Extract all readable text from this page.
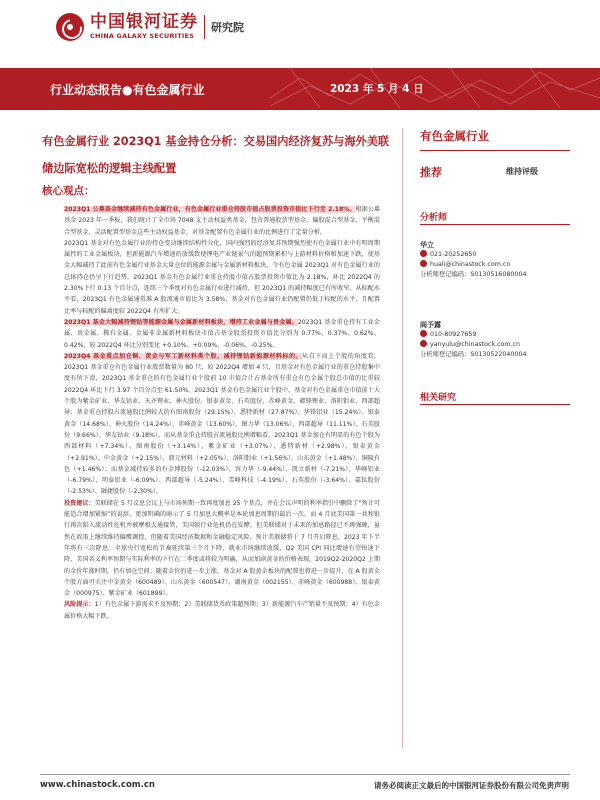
中国银河证券
CHINA GALAXY SECURITIES
研究院
行业动态报告●有色金属行业	2023 年 5 月 4 日
有色金属行业 2023Q1 基金持仓分析：交易国内经济复苏与海外美联储边际宽松的逻辑主线配置
核心观点：

2023Q1 公募基金继续减持有色金属行业，有色金属行业重仓持股市值占股票投资市值比下行至 2.18%。根据公募基金 2023 年一季报，我们统计了全市场 7048 支主动权益类基金，包含普通股票型基金、偏股混合型基金、平衡混合型基金、灵活配置型基金这些主动权益基金，对基金配置有色金属行业的比例进行了定量分析。

2023Q1 基金对有色金属行业的持仓变动继续结构性分化，国内强烈的经济复苏预期强烈使有色金属行业中有明周期属性的工业金属板块，但新能源汽车增速的放缓致使锂电产业链景气的超预期累积与上游材料价格和加速下跌，使基金大幅减持了此前有色金属行业基金大量仓位的能源金属与金属新材料板块，令有色金属 2023Q1 对有色金属行业的总体持仓仍呈下行趋势。2023Q1 基金有色金属行业重仓持股市值占股票投资市值比为 2.18%，环比 2022Q4 的 2.30%下行 0.13 个百分点，连续三个季度对有色金属行业进行减持，但 2023Q1 的减持幅度已有所收窄。从标配水平看，2023Q1 有色金属通常准 A 股流通市值比为 3.58%，基金对有色金属行业仍配置仍低于标配的水平，且配置比率与标配的偏离度较 2022Q4 有所扩大。

2023Q1 基金大幅减持锂钴等能源金属与金属新材料板块，增持工业金属与贵金属。2023Q1 基金重仓持有工业金属、贵金属、稀有金属、金属非金属新材料板块市值占基金股票投资市值比分别为 0.77%、0.37%、0.62%、0.42%，较 2022Q4 环比分别变化 +0.10%、+0.09%、-0.06%、-0.25%。

2023Q4 基金重点加仓铜、黄金与军工新材料类个股，减持锂钴新能源材料标的。从自下而上个股的角度看，2023Q1 基金重仓有色金属行业股票数量为 80 只，较 2022Q4 增加 4 只，且基金对有色金属行业的重仓持股集中度有所下滑，2023Q1 基金重仓的有色金属行业个股前 10 市值合计占基金所有重仓有色金属个股总市值的比重较 2022Q4 环比下行 3.97 个百分点至 61.50%。2023Q1 基金有色金属行业个股中，基金对有色金属重仓市值前十大个股为紫金矿业、华友钴业、天齐锂业、神火股份、银泰黄金、石英股份、赤峰黄金、赣锋锂业、洛阳钼业、西部超导；基金重仓持股占流通股比例较大的有图南股份（29.15%）、悉特新材（27.87%）、华锋铝业（15.24%）、银泰黄金（14.68%）、神火股份（14.24%）、赤峰黄金（13.60%）、图力华（13.06%）、西部超导（11.11%）、石英股份（9.66%）、华友钴业（9.18%）。而从基金重仓持股占流通股比例增幅看，2023Q1 基金加仓有明显的有色个股为西部材料（+7.34%）、图南股份（+3.14%）、紫金矿业（+3.07%）、悉特新材（+2.98%）、银泰黄金（+2.91%）、中金黄金（+2.15%）、鼎元材料（+2.05%）、洛阳钼业（+1.56%）、山东黄金（+1.48%）、铜陵有色（+1.46%）；而基金减持较多的有金博股份（-12.03%）、容力华（-9.44%）、凯立新材（-7.21%）、华峰铝业（-6.79%）、明泰铝业（-6.09%）、西部超导（-5.24%）、雪峰科技（-4.19%）、石英股份（-3.64%）、嘉钛股份（-2.53%）、融捷股份（-2.30%）。

投资建议：美联储在 5 月议息会议上与市场预期一致再度加息 25 个基点，并在会议声明的利率指引中删除了“预计可能适合增加紧缩”的说辞，更加明确的暗示了 5 月加息大概率是本轮加息周期的最后一次。而 4 月底美国第一共和银行再次陷入流动性危机并被摩根大通接管，美国银行业危机仍在发酵，但美联储对于未来的加息路径已不再强硬，虽然在政策上继续维持偏鹰调控，但随着美国经济数据和金融稳定风险，预计美联储将于 7 月开启降息，2023 年下半年将有三次降息。全球央行宽松的节奏延续第三个月下降，就业市场继续放缓，Q2 美国 CPI 同比增速有望快速下降，美国名义利率预期与实际利率的下行在二季度或将较为明确，从而加剧黄金的价格表现。2019Q2-2020Q2 上期的金价年涨时期，仍有加仓空间；随着金价的进一步上涨，基金对 A 股黄金板块的配置也将进一步提升，在 A 股黄金个股方面可关注中金黄金（600489）、山东黄金（600547）、湖南黄金（002155）、赤峰黄金（600988）、银泰黄金（000975）、紫金矿业（601899）。

风险提示：1）有色金属下游需求不及预期；2）美联储货币政策超预期；3）新能源汽车产销量不及预期；4）有色金属价格大幅下跌。

有色金属行业
推荐	维持评级
分析师
华立
021-20252650
huali@chinastock.com.cn
分析师登记编码：S0130516080004
阎予露
010-80927659
yanyulu@chinastock.com.cn
分析师登记编码：S0130522040004
相关研究
www.chinastock.com.cn	请务必阅读正文最后的中国银河证券股份有限公司免责声明
